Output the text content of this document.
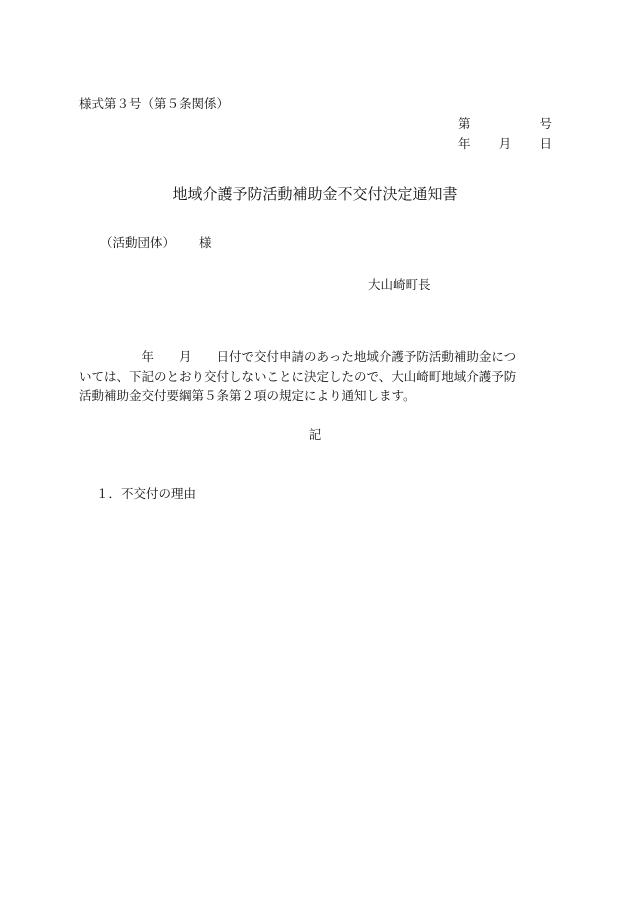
様式第３号（第５条関係）
第	号
年 月 日
地域介護予防活動補助金不交付決定通知書
（活動団体） 様
大山崎町長
　　　　　年　　月　　日付で交付申請のあった地域介護予防活動補助金につ
いては、下記のとおり交付しないことに決定したので、大山崎町地域介護予防
活動補助金交付要綱第５条第２項の規定により通知します。
記
１．不交付の理由
